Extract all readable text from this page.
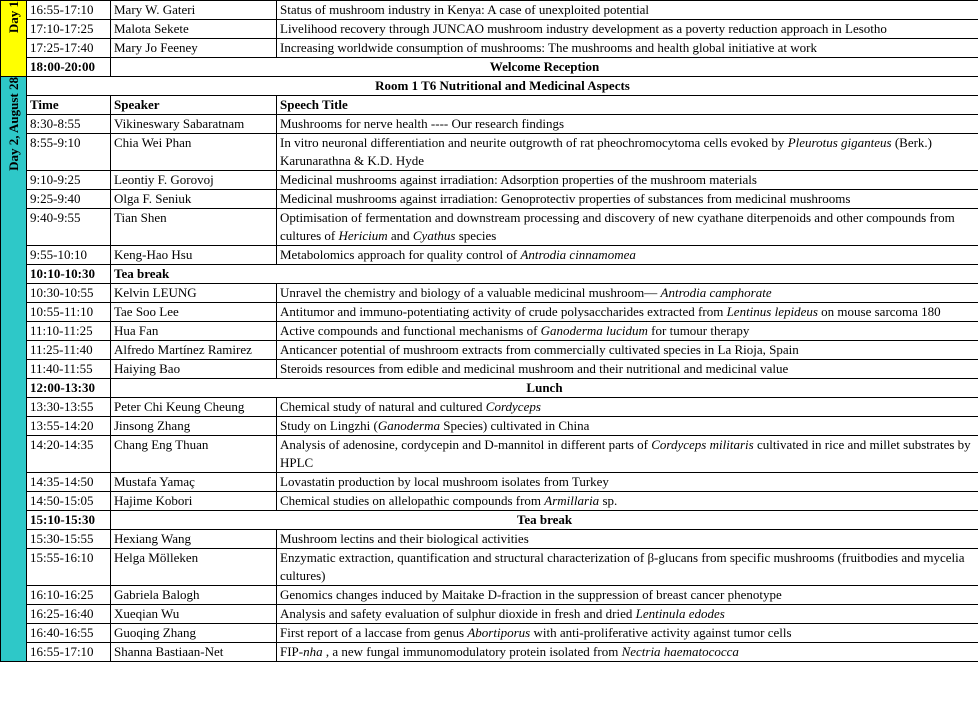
Day 1	16:55-17:10	Mary W. Gateri	Status of mushroom industry in Kenya: A case of unexploited potential
	17:10-17:25	Malota Sekete	Livelihood recovery through JUNCAO mushroom industry development as a poverty reduction approach in Lesotho
	17:25-17:40	Mary Jo Feeney	Increasing worldwide consumption of mushrooms: The mushrooms and health global initiative at work
	18:00-20:00	Welcome Reception	
Day 2, August 28	Room 1 T6 Nutritional and Medicinal Aspects		
	Time	Speaker	Speech Title
	8:30-8:55	Vikineswary Sabaratnam	Mushrooms for nerve health ---- Our research findings
	8:55-9:10	Chia Wei Phan	In vitro neuronal differentiation and neurite outgrowth of rat pheochromocytoma cells evoked by Pleurotus giganteus (Berk.) Karunarathna & K.D. Hyde
	9:10-9:25	Leontiy F. Gorovoj	Medicinal mushrooms against irradiation: Adsorption properties of the mushroom materials
	9:25-9:40	Olga F. Seniuk	Medicinal mushrooms against irradiation: Genoprotectiv properties of substances from medicinal mushrooms
	9:40-9:55	Tian Shen	Optimisation of fermentation and downstream processing and discovery of new cyathane diterpenoids and other compounds from cultures of Hericium and Cyathus species
	9:55-10:10	Keng-Hao Hsu	Metabolomics approach for quality control of Antrodia cinnamomea
	10:10-10:30	Tea break	
	10:30-10:55	Kelvin LEUNG	Unravel the chemistry and biology of a valuable medicinal mushroom— Antrodia camphorate
	10:55-11:10	Tae Soo Lee	Antitumor and immuno-potentiating activity of crude polysaccharides extracted from Lentinus lepideus on mouse sarcoma 180
	11:10-11:25	Hua Fan	Active compounds and functional mechanisms of Ganoderma lucidum for tumour therapy
	11:25-11:40	Alfredo Martínez Ramirez	Anticancer potential of mushroom extracts from commercially cultivated species in La Rioja, Spain
	11:40-11:55	Haiying Bao	Steroids resources from edible and medicinal mushroom and their nutritional and medicinal value
	12:00-13:30	Lunch	
	13:30-13:55	Peter Chi Keung Cheung	Chemical study of natural and cultured Cordyceps
	13:55-14:20	Jinsong Zhang	Study on Lingzhi (Ganoderma Species) cultivated in China
	14:20-14:35	Chang Eng Thuan	Analysis of adenosine, cordycepin and D-mannitol in different parts of Cordyceps militaris cultivated in rice and millet substrates by HPLC
	14:35-14:50	Mustafa Yamaç	Lovastatin production by local mushroom isolates from Turkey
	14:50-15:05	Hajime Kobori	Chemical studies on allelopathic compounds from Armillaria sp.
	15:10-15:30	Tea break	
	15:30-15:55	Hexiang Wang	Mushroom lectins and their biological activities
	15:55-16:10	Helga Mölleken	Enzymatic extraction, quantification and structural characterization of β-glucans from specific mushrooms (fruitbodies and mycelia cultures)
	16:10-16:25	Gabriela Balogh	Genomics changes induced by Maitake D-fraction in the suppression of breast cancer phenotype
	16:25-16:40	Xueqian Wu	Analysis and safety evaluation of sulphur dioxide in fresh and dried Lentinula edodes
	16:40-16:55	Guoqing Zhang	First report of a laccase from genus Abortiporus with anti-proliferative activity against tumor cells
	16:55-17:10	Shanna Bastiaan-Net	FIP-nha , a new fungal immunomodulatory protein isolated from Nectria haematococca
